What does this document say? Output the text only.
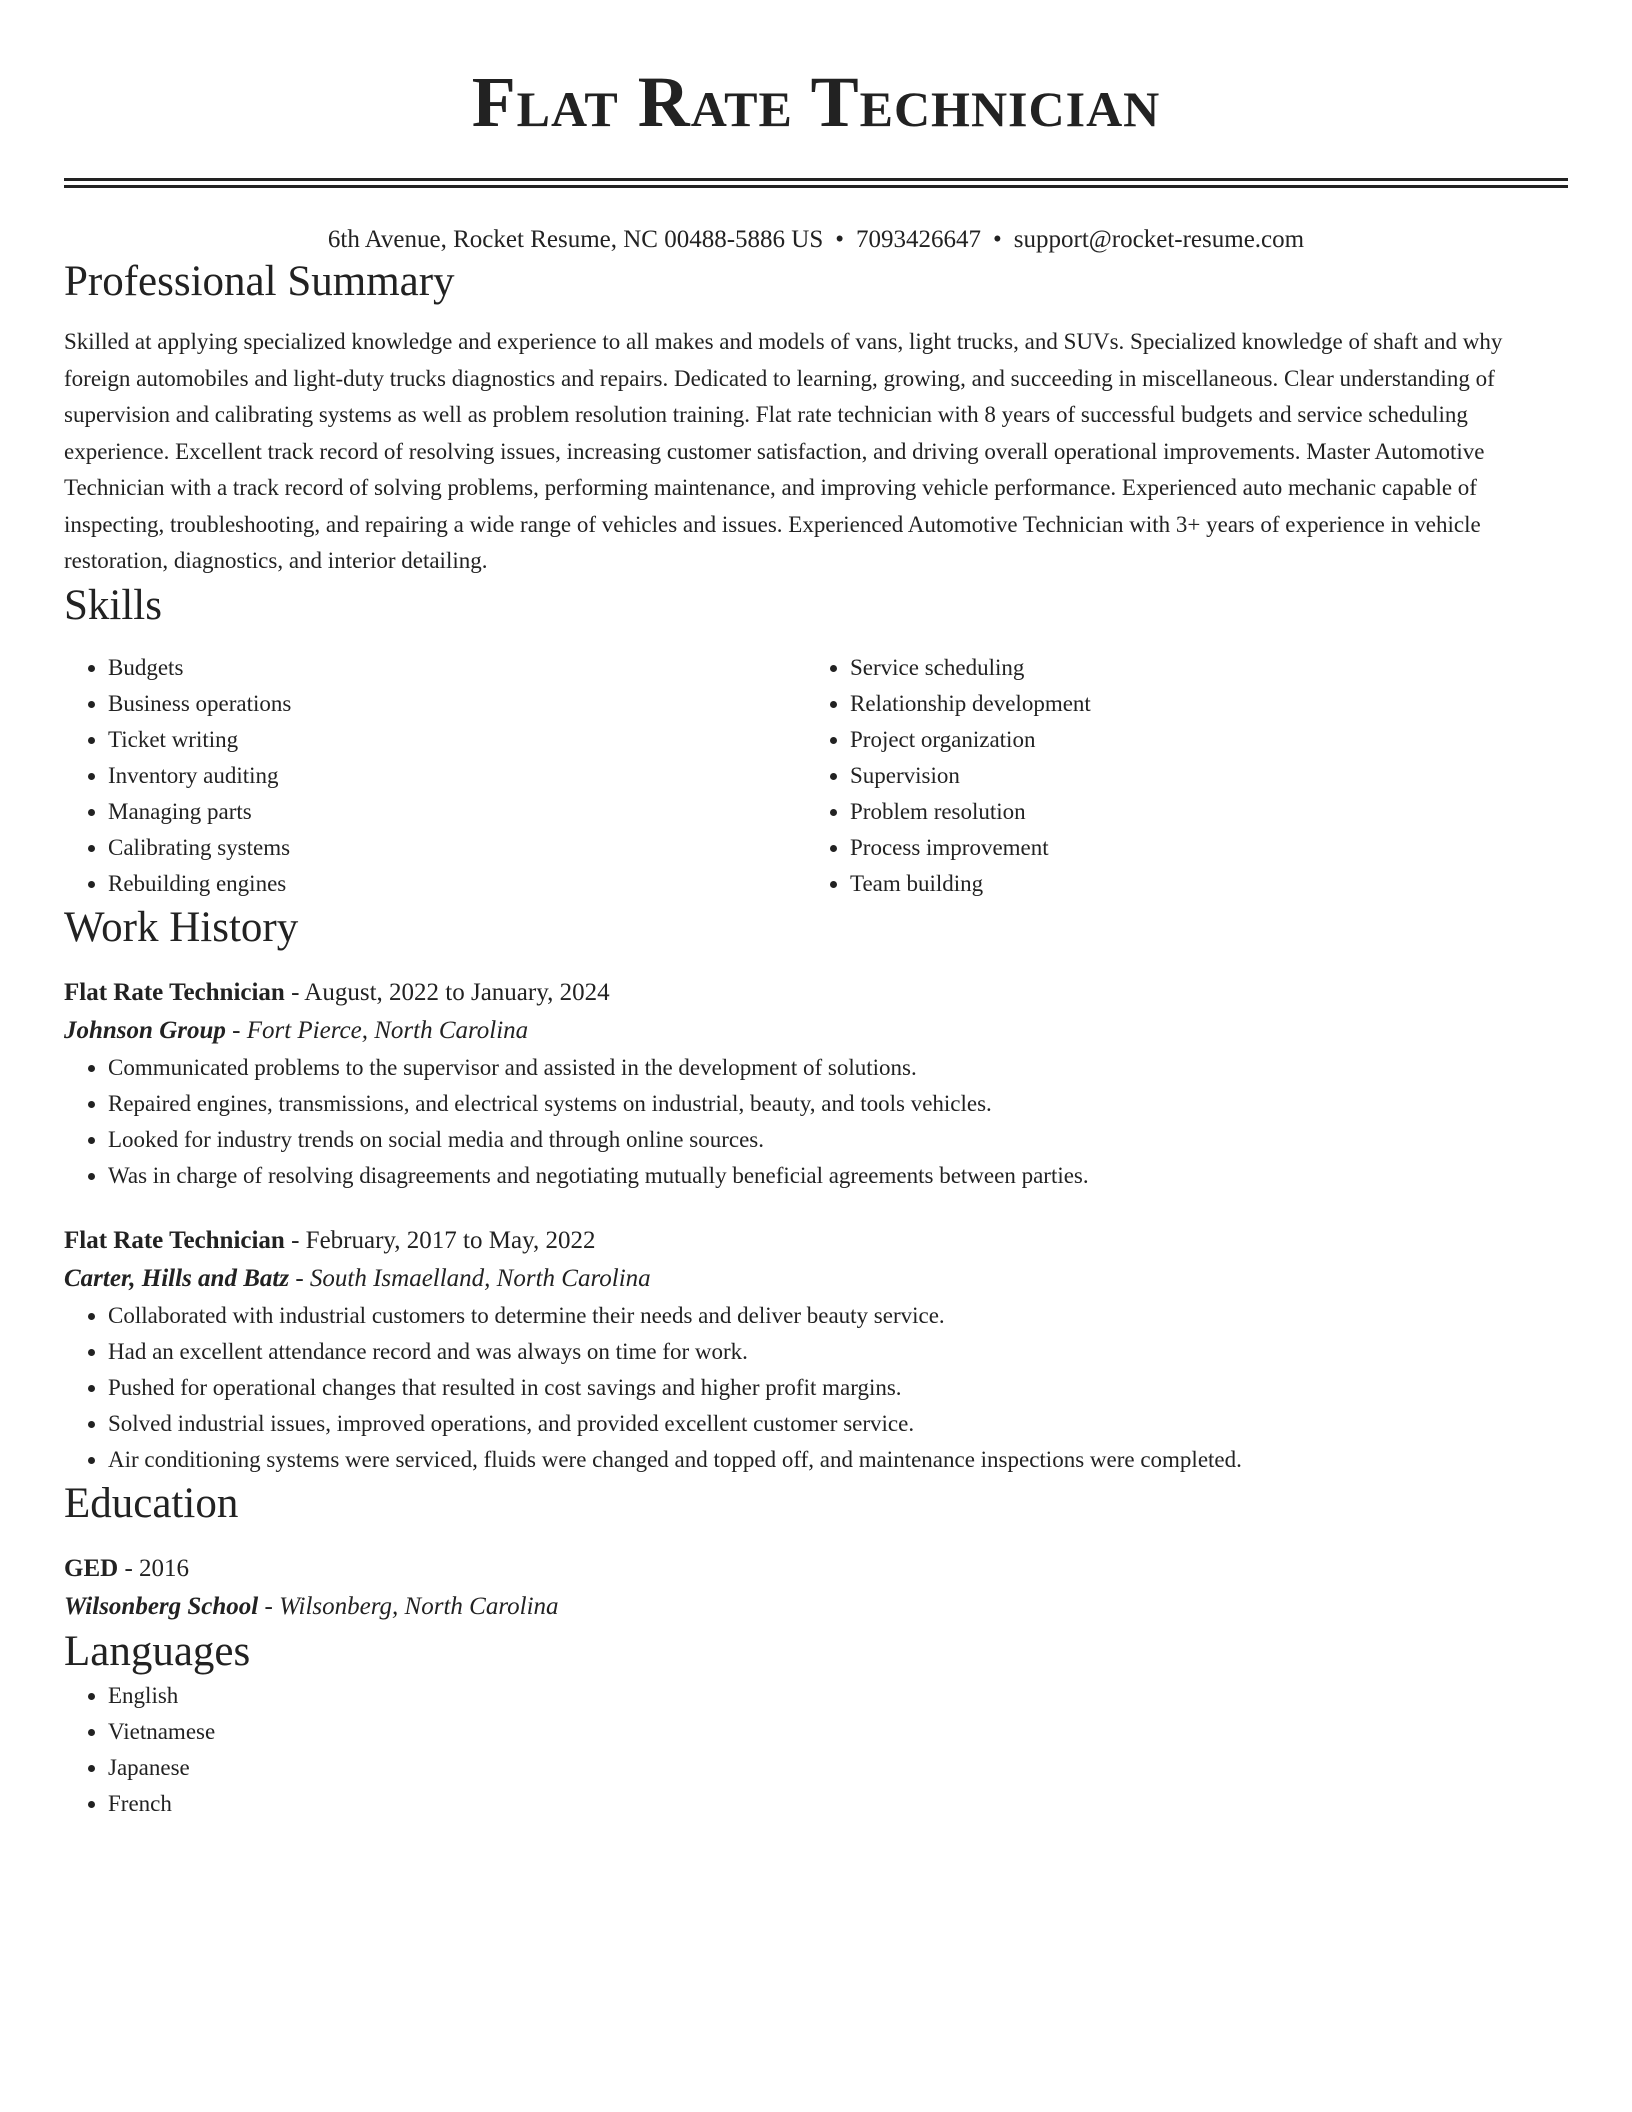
Flat Rate Technician
6th Avenue, Rocket Resume, NC 00488-5886 US • 7093426647 • support@rocket-resume.com
Professional Summary
Skilled at applying specialized knowledge and experience to all makes and models of vans, light trucks, and SUVs. Specialized knowledge of shaft and why foreign automobiles and light-duty trucks diagnostics and repairs. Dedicated to learning, growing, and succeeding in miscellaneous. Clear understanding of supervision and calibrating systems as well as problem resolution training. Flat rate technician with 8 years of successful budgets and service scheduling experience. Excellent track record of resolving issues, increasing customer satisfaction, and driving overall operational improvements. Master Automotive Technician with a track record of solving problems, performing maintenance, and improving vehicle performance. Experienced auto mechanic capable of inspecting, troubleshooting, and repairing a wide range of vehicles and issues. Experienced Automotive Technician with 3+ years of experience in vehicle restoration, diagnostics, and interior detailing.
Skills
• Budgets
• Business operations
• Ticket writing
• Inventory auditing
• Managing parts
• Calibrating systems
• Rebuilding engines
• Service scheduling
• Relationship development
• Project organization
• Supervision
• Problem resolution
• Process improvement
• Team building
Work History
Flat Rate Technician - August, 2022 to January, 2024
Johnson Group - Fort Pierce, North Carolina
• Communicated problems to the supervisor and assisted in the development of solutions.
• Repaired engines, transmissions, and electrical systems on industrial, beauty, and tools vehicles.
• Looked for industry trends on social media and through online sources.
• Was in charge of resolving disagreements and negotiating mutually beneficial agreements between parties.
Flat Rate Technician - February, 2017 to May, 2022
Carter, Hills and Batz - South Ismaelland, North Carolina
• Collaborated with industrial customers to determine their needs and deliver beauty service.
• Had an excellent attendance record and was always on time for work.
• Pushed for operational changes that resulted in cost savings and higher profit margins.
• Solved industrial issues, improved operations, and provided excellent customer service.
• Air conditioning systems were serviced, fluids were changed and topped off, and maintenance inspections were completed.
Education
GED - 2016
Wilsonberg School - Wilsonberg, North Carolina
Languages
• English
• Vietnamese
• Japanese
• French
